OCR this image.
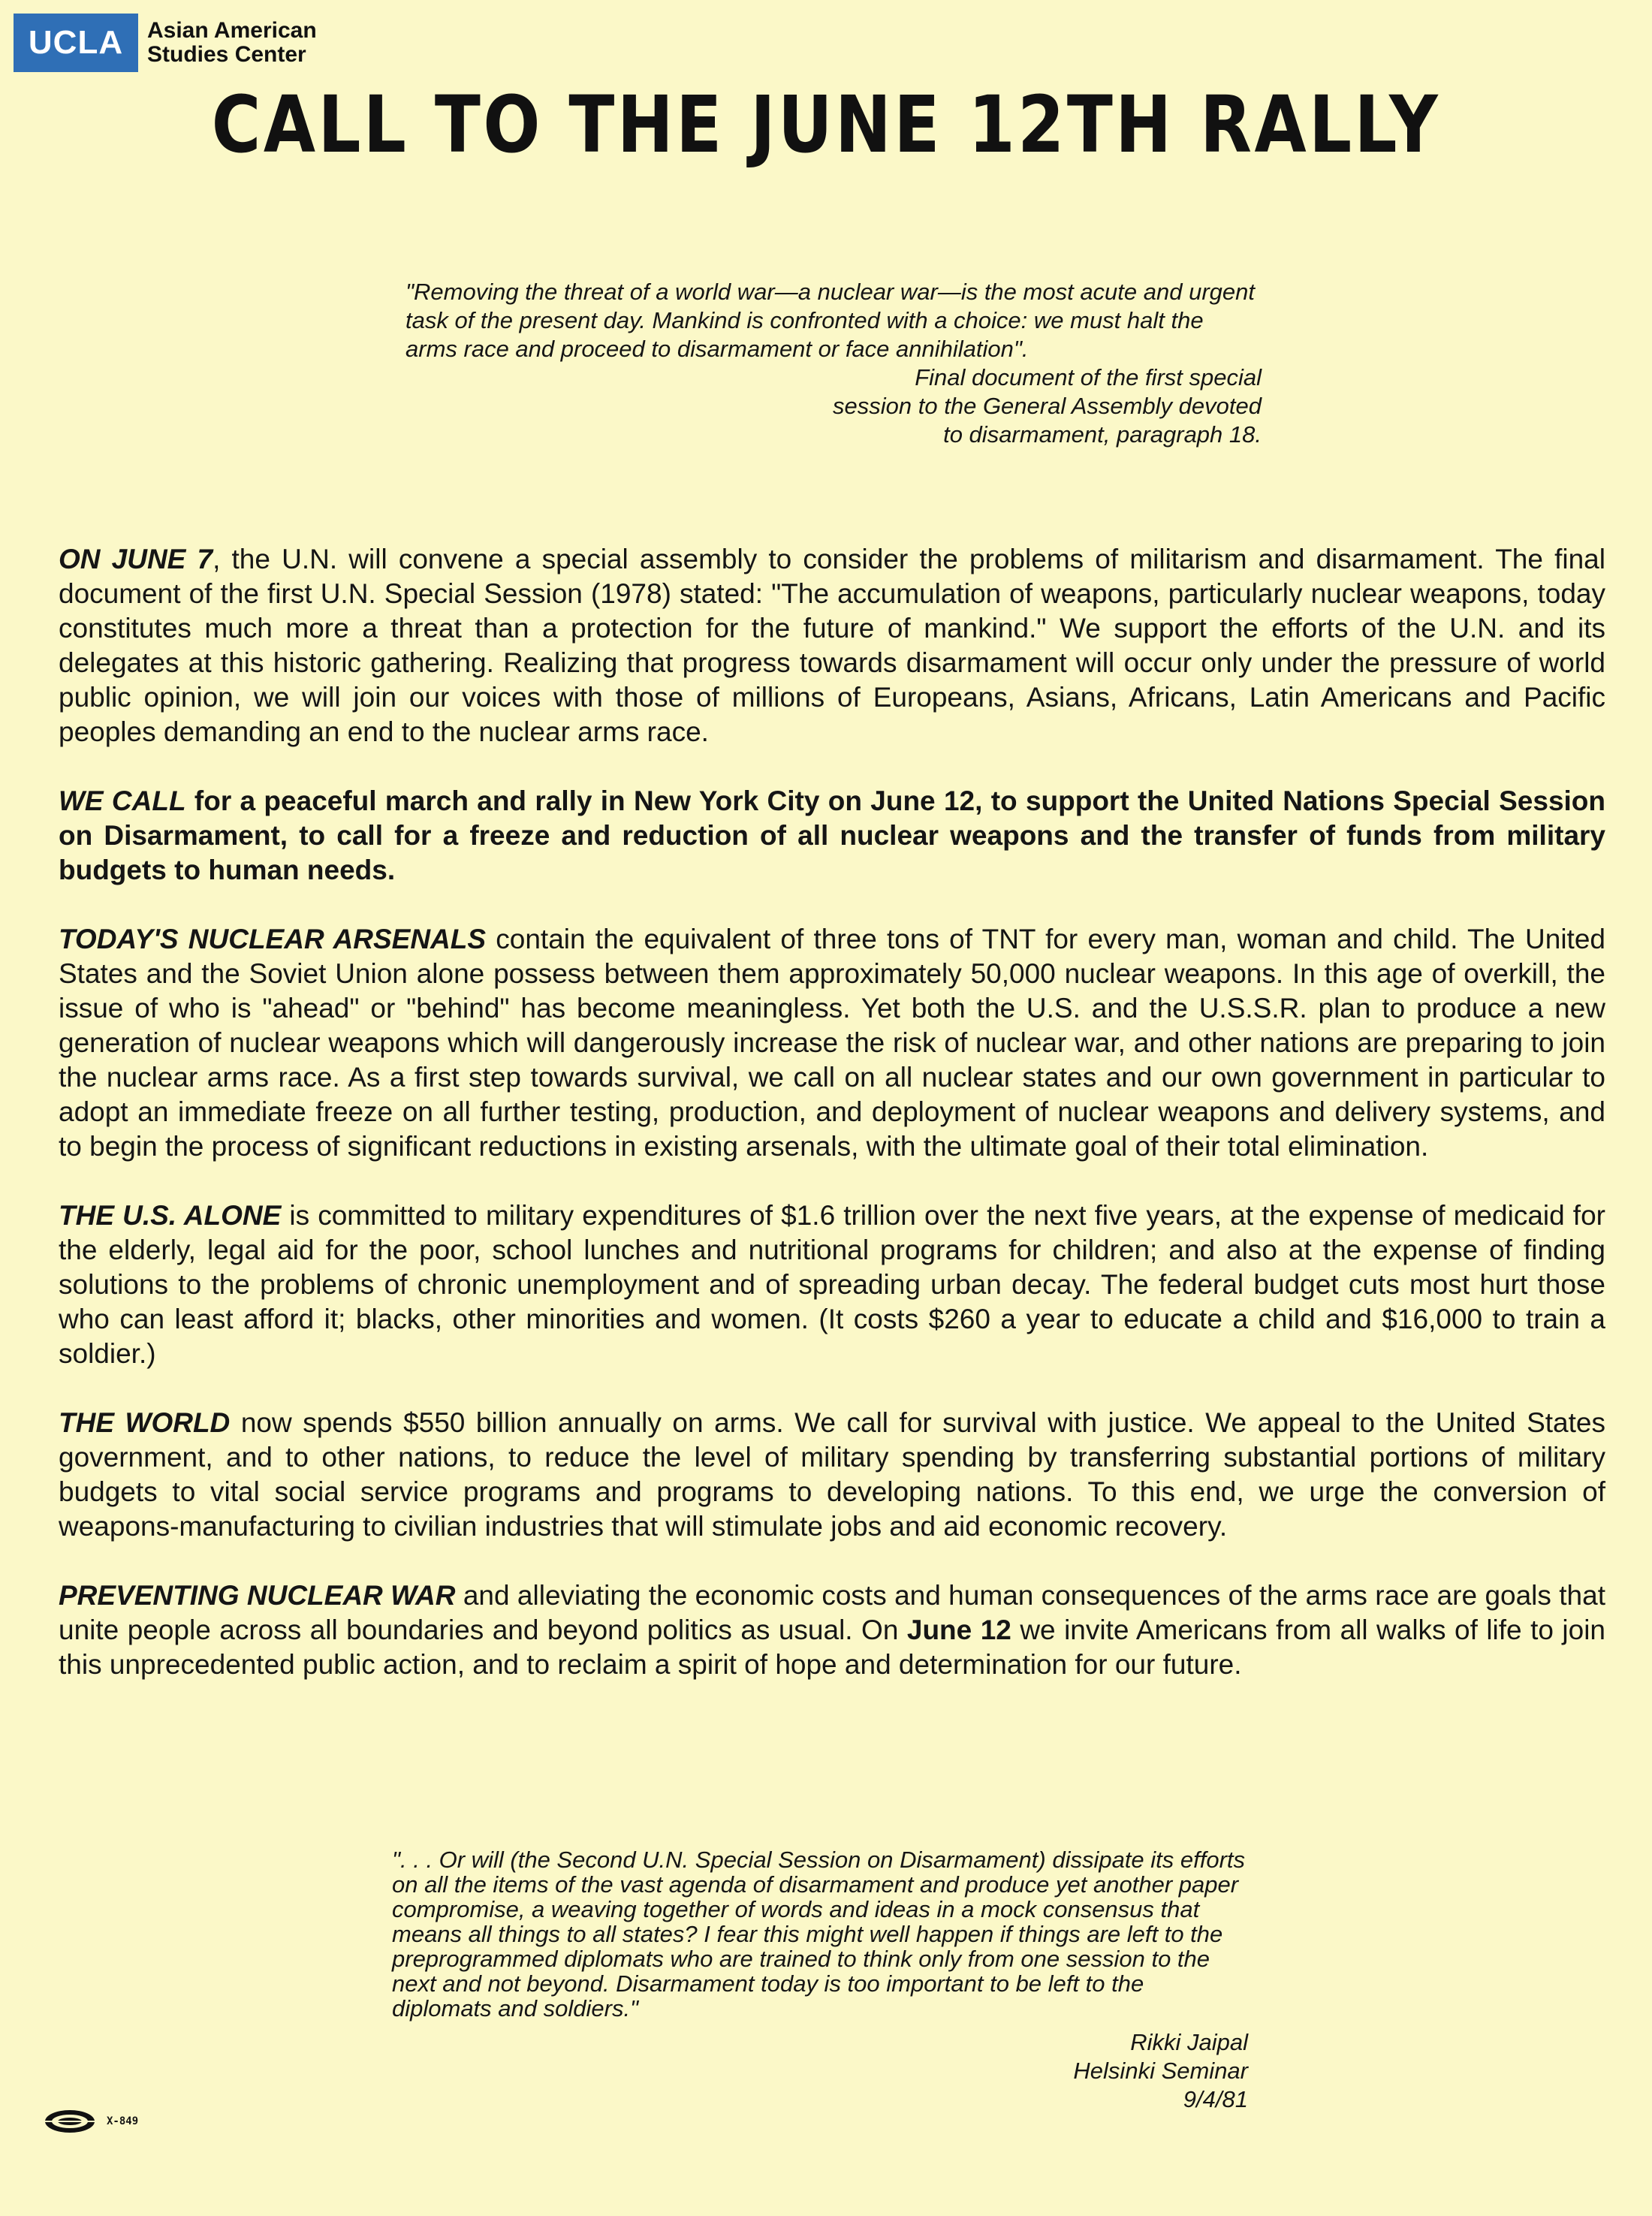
UCLA	Asian American
Studies Center
CALL TO THE JUNE 12TH RALLY
"Removing the threat of a world war—a nuclear war—is the most acute and urgent task of the present day. Mankind is confronted with a choice: we must halt the arms race and proceed to disarmament or face annihilation".
Final document of the first special
session to the General Assembly devoted
to disarmament, paragraph 18.

ON JUNE 7, the U.N. will convene a special assembly to consider the problems of militarism and disarmament. The final document of the first U.N. Special Session (1978) stated: "The accumulation of weapons, particularly nuclear weapons, today constitutes much more a threat than a protection for the future of mankind." We support the efforts of the U.N. and its delegates at this historic gathering. Realizing that progress towards disarmament will occur only under the pressure of world public opinion, we will join our voices with those of millions of Europeans, Asians, Africans, Latin Americans and Pacific peoples demanding an end to the nuclear arms race.

WE CALL for a peaceful march and rally in New York City on June 12, to support the United Nations Special Session on Disarmament, to call for a freeze and reduction of all nuclear weapons and the transfer of funds from military budgets to human needs.

TODAY'S NUCLEAR ARSENALS contain the equivalent of three tons of TNT for every man, woman and child. The United States and the Soviet Union alone possess between them approximately 50,000 nuclear weapons. In this age of overkill, the issue of who is "ahead" or "behind" has become meaningless. Yet both the U.S. and the U.S.S.R. plan to produce a new generation of nuclear weapons which will dangerously increase the risk of nuclear war, and other nations are preparing to join the nuclear arms race. As a first step towards survival, we call on all nuclear states and our own government in particular to adopt an immediate freeze on all further testing, production, and deployment of nuclear weapons and delivery systems, and to begin the process of significant reductions in existing arsenals, with the ultimate goal of their total elimination.

THE U.S. ALONE is committed to military expenditures of $1.6 trillion over the next five years, at the expense of medicaid for the elderly, legal aid for the poor, school lunches and nutritional programs for children; and also at the expense of finding solutions to the problems of chronic unemployment and of spreading urban decay. The federal budget cuts most hurt those who can least afford it; blacks, other minorities and women. (It costs $260 a year to educate a child and $16,000 to train a soldier.)

THE WORLD now spends $550 billion annually on arms. We call for survival with justice. We appeal to the United States government, and to other nations, to reduce the level of military spending by transferring substantial portions of military budgets to vital social service programs and programs to developing nations. To this end, we urge the conversion of weapons-manufacturing to civilian industries that will stimulate jobs and aid economic recovery.

PREVENTING NUCLEAR WAR and alleviating the economic costs and human consequences of the arms race are goals that unite people across all boundaries and beyond politics as usual. On June 12 we invite Americans from all walks of life to join this unprecedented public action, and to reclaim a spirit of hope and determination for our future.

". . . Or will (the Second U.N. Special Session on Disarmament) dissipate its efforts on all the items of the vast agenda of disarmament and produce yet another paper compromise, a weaving together of words and ideas in a mock consensus that means all things to all states? I fear this might well happen if things are left to the preprogrammed diplomats who are trained to think only from one session to the next and not beyond. Disarmament today is too important to be left to the diplomats and soldiers."
Rikki Jaipal
Helsinki Seminar
9/4/81
X-849
